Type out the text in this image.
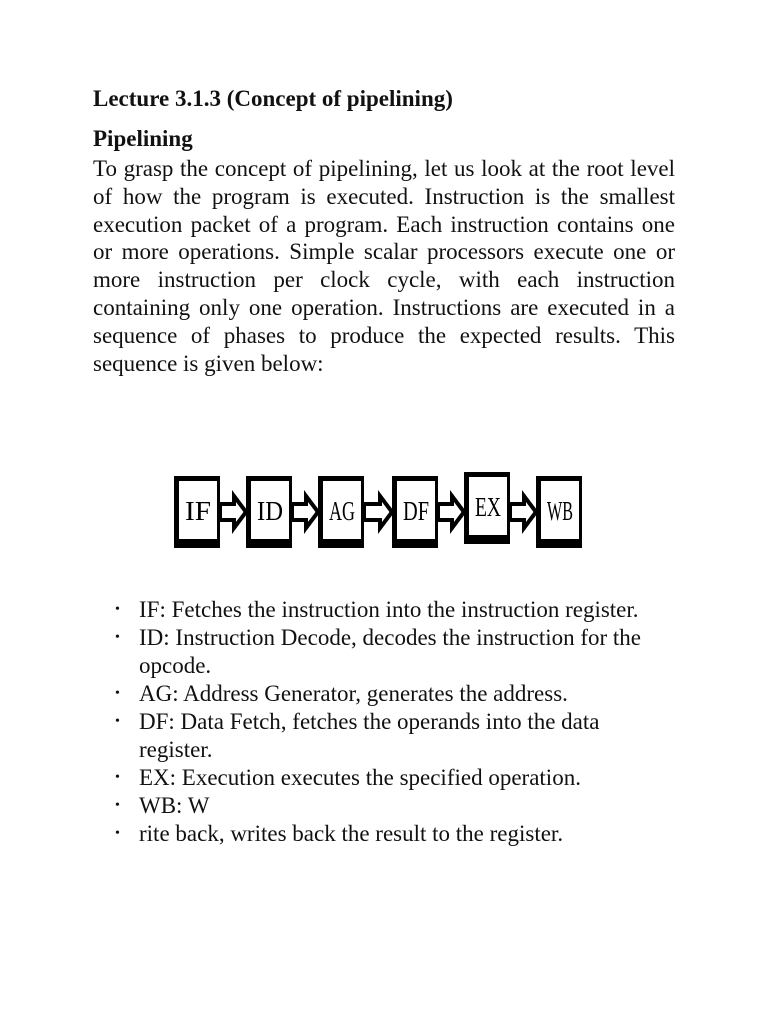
Lecture 3.1.3 (Concept of pipelining)
Pipelining

To grasp the concept of pipelining, let us look at the root level of how the program is executed. Instruction is the smallest execution packet of a program. Each instruction contains one or more operations. Simple scalar processors execute one or more instruction per clock cycle, with each instruction containing only one operation. Instructions are executed in a sequence of phases to produce the expected results. This sequence is given below:

IF ID AG DF EX WB
• IF: Fetches the instruction into the instruction register.
• ID: Instruction Decode, decodes the instruction for the opcode.
• AG: Address Generator, generates the address.
• DF: Data Fetch, fetches the operands into the data register.
• EX: Execution executes the specified operation.
• WB: W
• rite back, writes back the result to the register.
